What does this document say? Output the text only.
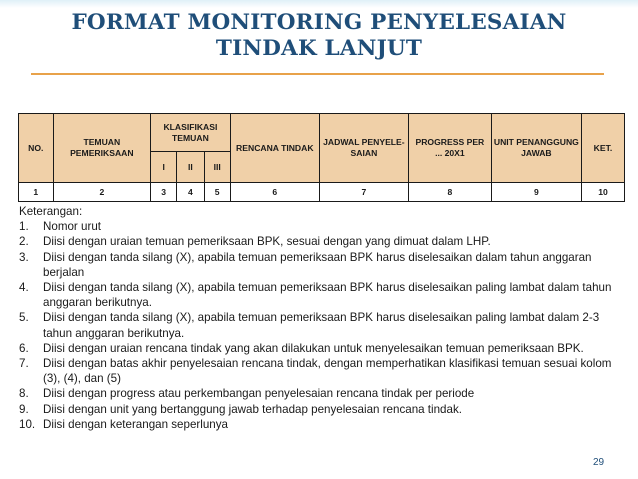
FORMAT MONITORING PENYELESAIAN
TINDAK LANJUT
NO.	TEMUAN PEMERIKSAAN	KLASIFIKASI TEMUAN			RENCANA TINDAK	JADWAL PENYELE-SAIAN	PROGRESS PER ... 20X1	UNIT PENANGGUNG JAWAB	KET.
		I	II	III					
1	2	3	4	5	6	7	8	9	10
Keterangan:
1.	Nomor urut
2.	Diisi dengan uraian temuan pemeriksaan BPK, sesuai dengan yang dimuat dalam LHP.
3.	Diisi dengan tanda silang (X), apabila temuan pemeriksaan BPK harus diselesaikan dalam tahun anggaran berjalan
4.	Diisi dengan tanda silang (X), apabila temuan pemeriksaan BPK harus diselesaikan paling lambat dalam tahun anggaran berikutnya.
5.	Diisi dengan tanda silang (X), apabila temuan pemeriksaan BPK harus diselesaikan paling lambat dalam 2-3 tahun anggaran berikutnya.
6.	Diisi dengan uraian rencana tindak yang akan dilakukan untuk menyelesaikan temuan pemeriksaan BPK.
7.	Diisi dengan batas akhir penyelesaian rencana tindak, dengan memperhatikan klasifikasi temuan sesuai kolom (3), (4), dan (5)
8.	Diisi dengan progress atau perkembangan penyelesaian rencana tindak per periode
9.	Diisi dengan unit yang bertanggung jawab terhadap penyelesaian rencana tindak.
10. Diisi dengan keterangan seperlunya
29
